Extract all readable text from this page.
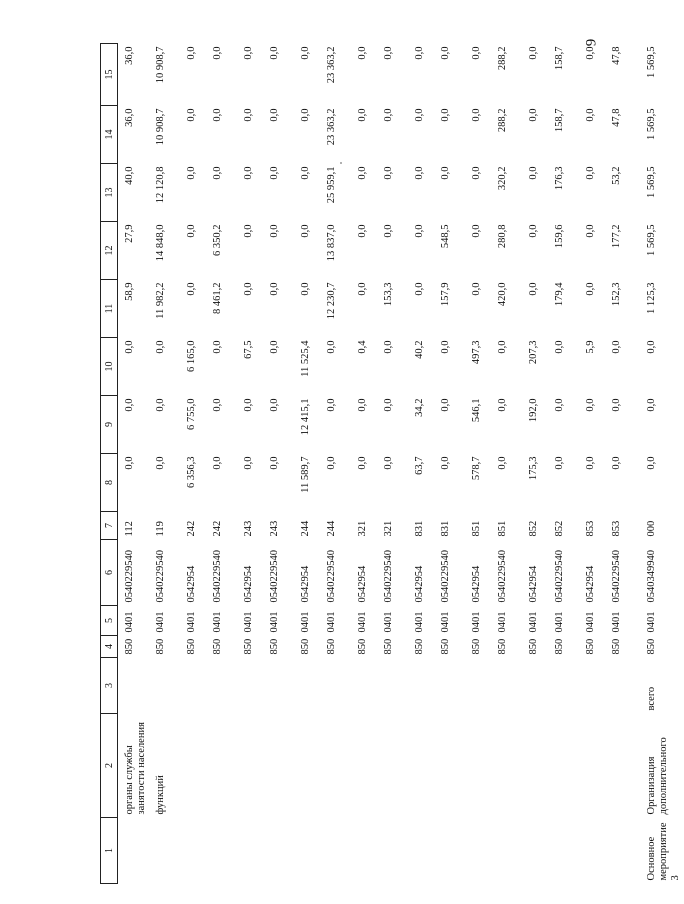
9
1	2	3	4	5	6	7	8	9	10	11	12	13	14	15
	органы службы занятости населения		850	0401	0540229540	112	0,0	0,0	0,0	58,9	27,9	40,0	36,0	36,0
	функций		850	0401	0540229540	119	0,0	0,0	0,0	11 982,2	14 848,0	12 120,8	10 908,7	10 908,7
			850	0401	0542954	242	6 356,3	6 755,0	6 165,0	0,0	0,0	0,0	0,0	0,0
			850	0401	0540229540	242	0,0	0,0	0,0	8 461,2	6 350,2	0,0	0,0	0,0
			850	0401	0542954	243	0,0	0,0	67,5	0,0	0,0	0,0	0,0	0,0
			850	0401	0540229540	243	0,0	0,0	0,0	0,0	0,0	0,0	0,0	0,0
			850	0401	0542954	244	11 589,7	12 415,1	11 525,4	0,0	0,0	0,0	0,0	0,0
			850	0401	0540229540	244	0,0	0,0	0,0	12 230,7	13 837,0	25 959,1	23 363,2	23 363,2
			850	0401	0542954	321	0,0	0,0	0,4	0,0	0,0	0,0	0,0	0,0
			850	0401	0540229540	321	0,0	0,0	0,0	153,3	0,0	0,0	0,0	0,0
			850	0401	0542954	831	63,7	34,2	40,2	0,0	0,0	0,0	0,0	0,0
			850	0401	0540229540	831	0,0	0,0	0,0	157,9	548,5	0,0	0,0	0,0
			850	0401	0542954	851	578,7	546,1	497,3	0,0	0,0	0,0	0,0	0,0
			850	0401	0540229540	851	0,0	0,0	0,0	420,0	280,8	320,2	288,2	288,2
			850	0401	0542954	852	175,3	192,0	207,3	0,0	0,0	0,0	0,0	0,0
			850	0401	0540229540	852	0,0	0,0	0,0	179,4	159,6	176,3	158,7	158,7
			850	0401	0542954	853	0,0	0,0	5,9	0,0	0,0	0,0	0,0	0,0
			850	0401	0540229540	853	0,0	0,0	0,0	152,3	177,2	53,2	47,8	47,8
Основное мероприятие 3	Организация дополнительного	всего	850	0401	0540349940	000	0,0	0,0	0,0	1 125,3	1 569,5	1 569,5	1 569,5	1 569,5
